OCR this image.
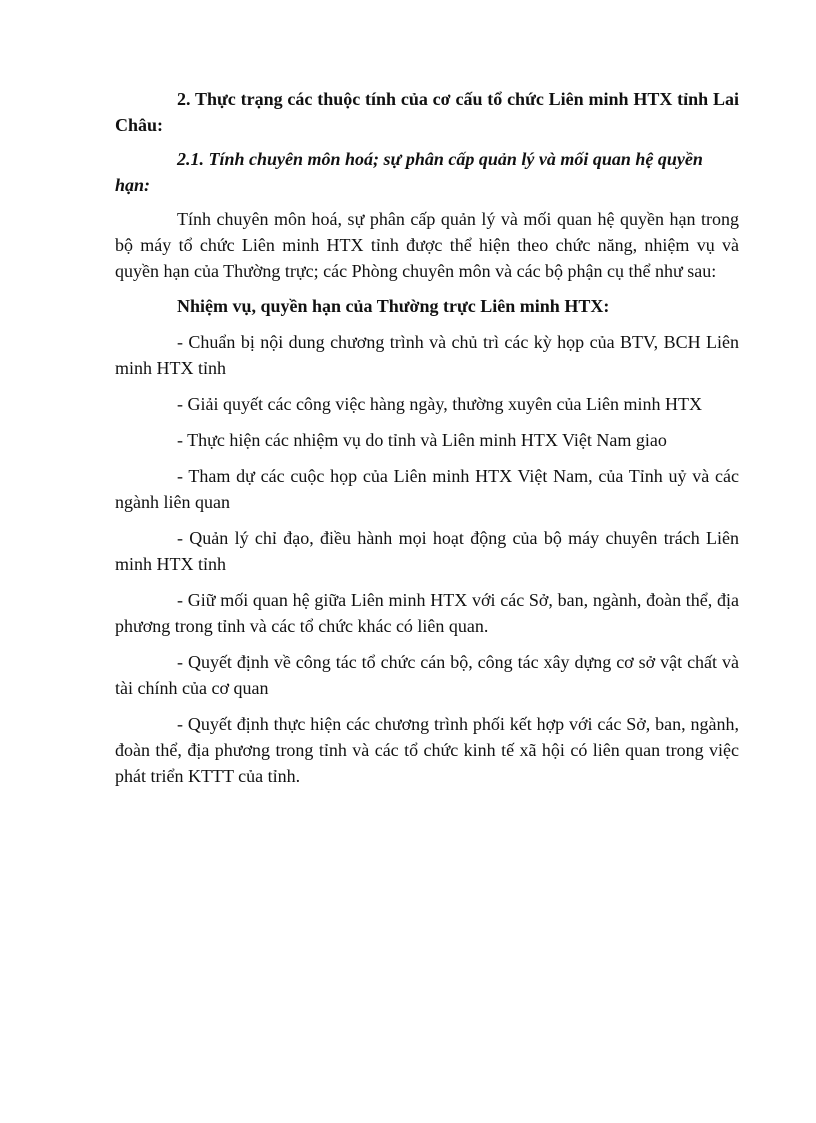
2. Thực trạng các thuộc tính của cơ cấu tổ chức Liên minh HTX tỉnh Lai Châu:

2.1. Tính chuyên môn hoá; sự phân cấp quản lý và mối quan hệ quyền hạn:

Tính chuyên môn hoá, sự phân cấp quản lý và mối quan hệ quyền hạn trong bộ máy tổ chức Liên minh HTX tỉnh được thể hiện theo chức năng, nhiệm vụ và quyền hạn của Thường trực; các Phòng chuyên môn và các bộ phận cụ thể như sau:

Nhiệm vụ, quyền hạn của Thường trực Liên minh HTX:

- Chuẩn bị nội dung chương trình và chủ trì các kỳ họp của BTV, BCH Liên minh HTX tỉnh

- Giải quyết các công việc hàng ngày, thường xuyên của Liên minh HTX

- Thực hiện các nhiệm vụ do tỉnh và Liên minh HTX Việt Nam giao

- Tham dự các cuộc họp của Liên minh HTX Việt Nam, của Tỉnh uỷ và các ngành liên quan

- Quản lý chỉ đạo, điều hành mọi hoạt động của bộ máy chuyên trách Liên minh HTX tỉnh

- Giữ mối quan hệ giữa Liên minh HTX với các Sở, ban, ngành, đoàn thể, địa phương trong tỉnh và các tổ chức khác có liên quan.

- Quyết định về công tác tổ chức cán bộ, công tác xây dựng cơ sở vật chất và tài chính của cơ quan

- Quyết định thực hiện các chương trình phối kết hợp với các Sở, ban, ngành, đoàn thể, địa phương trong tỉnh và các tổ chức kinh tế xã hội có liên quan trong việc phát triển KTTT của tỉnh.
